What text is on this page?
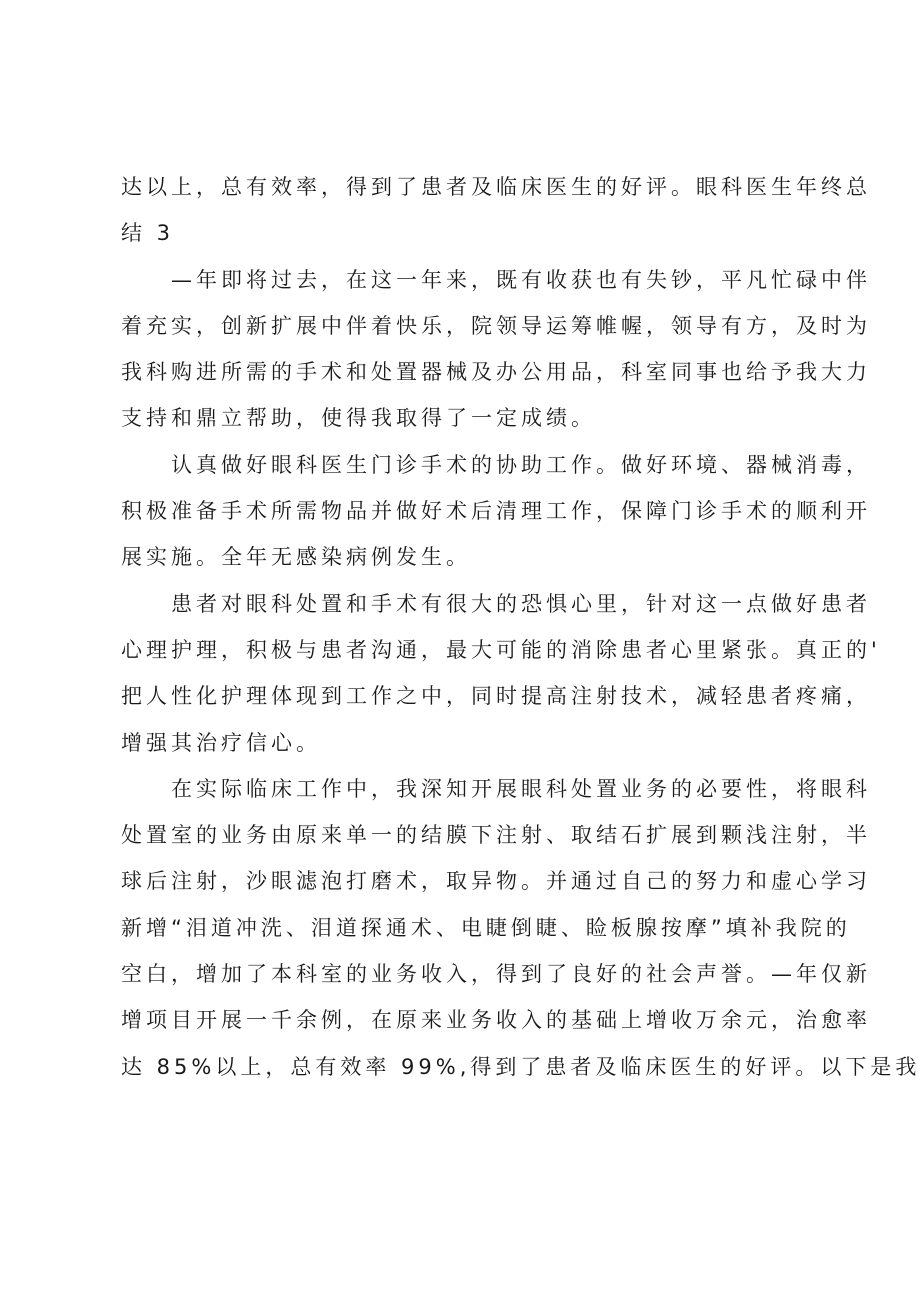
达以上，总有效率，得到了患者及临床医生的好评。眼科医生年终总
结 3
—年即将过去，在这一年来，既有收获也有失钞，平凡忙碌中伴
着充实，创新扩展中伴着快乐，院领导运筹帷幄，领导有方，及时为
我科购进所需的手术和处置器械及办公用品，科室同事也给予我大力
支持和鼎立帮助，使得我取得了一定成绩。
认真做好眼科医生门诊手术的协助工作。做好环境、器械消毒，
积极准备手术所需物品并做好术后清理工作，保障门诊手术的顺利开
展实施。全年无感染病例发生。
患者对眼科处置和手术有很大的恐惧心里，针对这一点做好患者
心理护理，积极与患者沟通，最大可能的消除患者心里紧张。真正的'
把人性化护理体现到工作之中，同时提高注射技术，减轻患者疼痛，
增强其治疗信心。
在实际临床工作中，我深知开展眼科处置业务的必要性，将眼科
处置室的业务由原来单一的结膜下注射、取结石扩展到颗浅注射，半
球后注射，沙眼滤泡打磨术，取异物。并通过自己的努力和虚心学习
新增“泪道冲洗、泪道探通术、电睫倒睫、睑板腺按摩”填补我院的
空白，增加了本科室的业务收入，得到了良好的社会声誉。—年仅新
增项目开展一千余例，在原来业务收入的基础上增收万余元，治愈率
达 85%以上，总有效率 99%,得到了患者及临床医生的好评。以下是我
